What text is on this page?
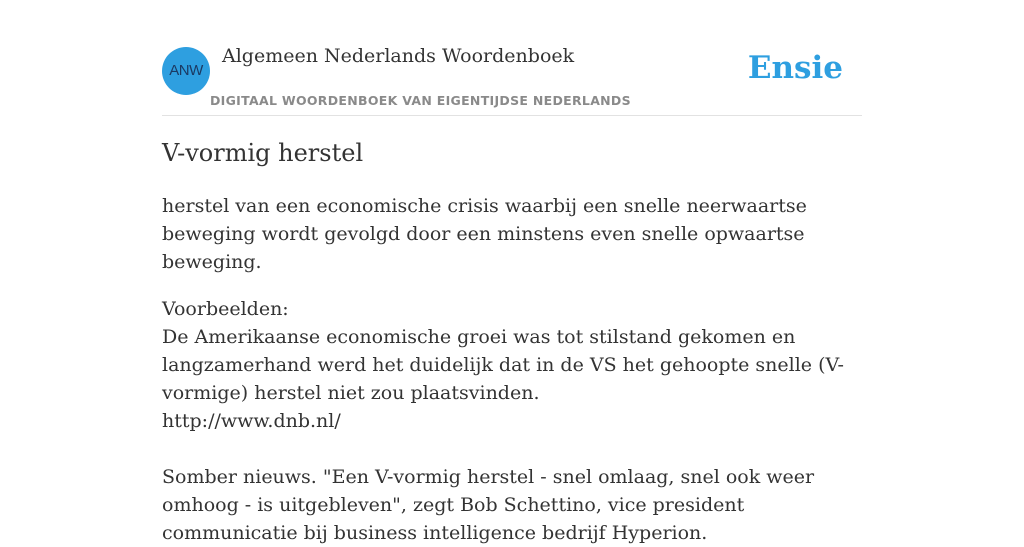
ANW
Algemeen Nederlands Woordenboek
DIGITAAL WOORDENBOEK VAN EIGENTIJDSE NEDERLANDS
Ensie
V-vormig herstel

herstel van een economische crisis waarbij een snelle neerwaartse beweging wordt gevolgd door een minstens even snelle opwaartse beweging.

Voorbeelden:
De Amerikaanse economische groei was tot stilstand gekomen en langzamerhand werd het duidelijk dat in de VS het gehoopte snelle (V-vormige) herstel niet zou plaatsvinden.
http://www.dnb.nl/
Somber nieuws. "Een V-vormig herstel - snel omlaag, snel ook weer omhoog - is uitgebleven", zegt Bob Schettino, vice president communicatie bij business intelligence bedrijf Hyperion.
